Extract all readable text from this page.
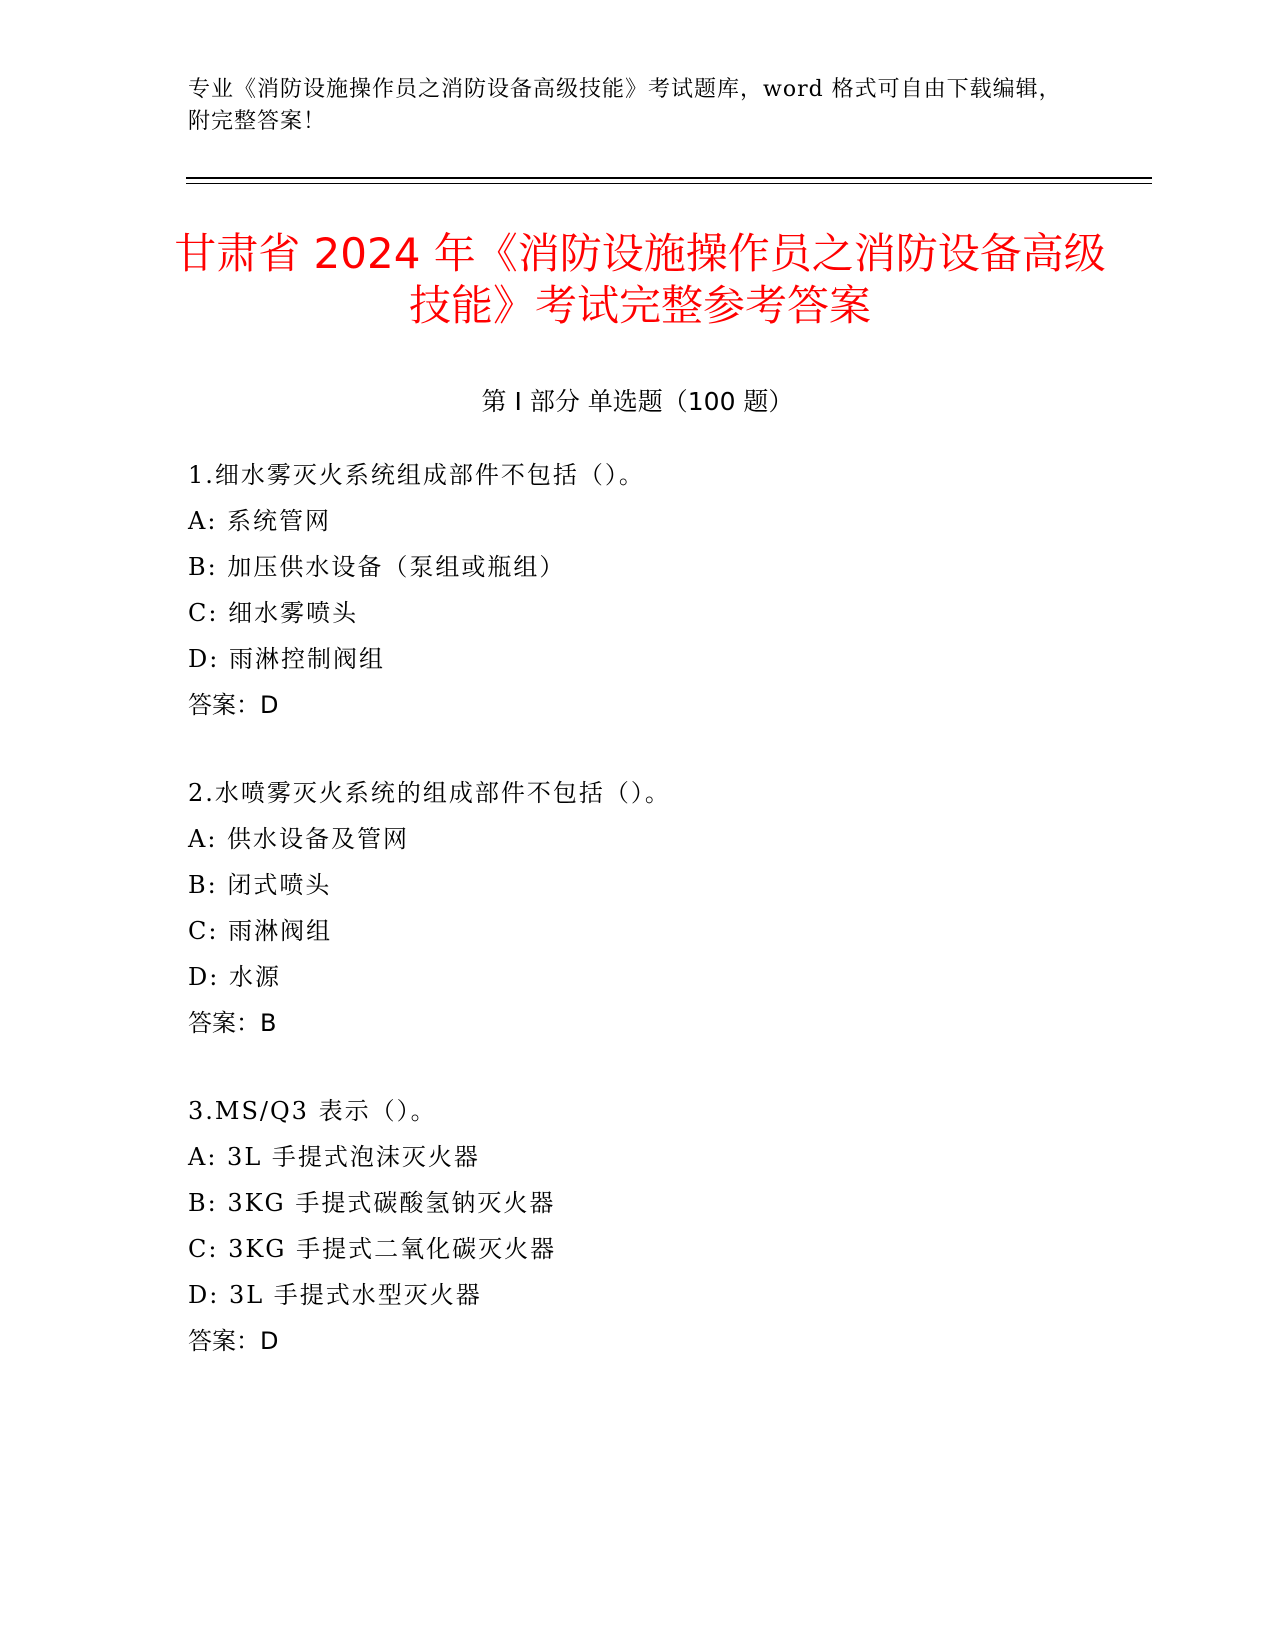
专业《消防设施操作员之消防设备高级技能》考试题库，word 格式可自由下载编辑，附完整答案！
甘肃省 2024 年《消防设施操作员之消防设备高级技能》考试完整参考答案
第 I 部分 单选题（100 题）
1.细水雾灭火系统组成部件不包括（）。
A: 系统管网
B: 加压供水设备（泵组或瓶组）
C: 细水雾喷头
D: 雨淋控制阀组
答案：D
2.水喷雾灭火系统的组成部件不包括（）。
A: 供水设备及管网
B: 闭式喷头
C: 雨淋阀组
D: 水源
答案：B
3.MS/Q3 表示（）。
A: 3L 手提式泡沫灭火器
B: 3KG 手提式碳酸氢钠灭火器
C: 3KG 手提式二氧化碳灭火器
D: 3L 手提式水型灭火器
答案：D
